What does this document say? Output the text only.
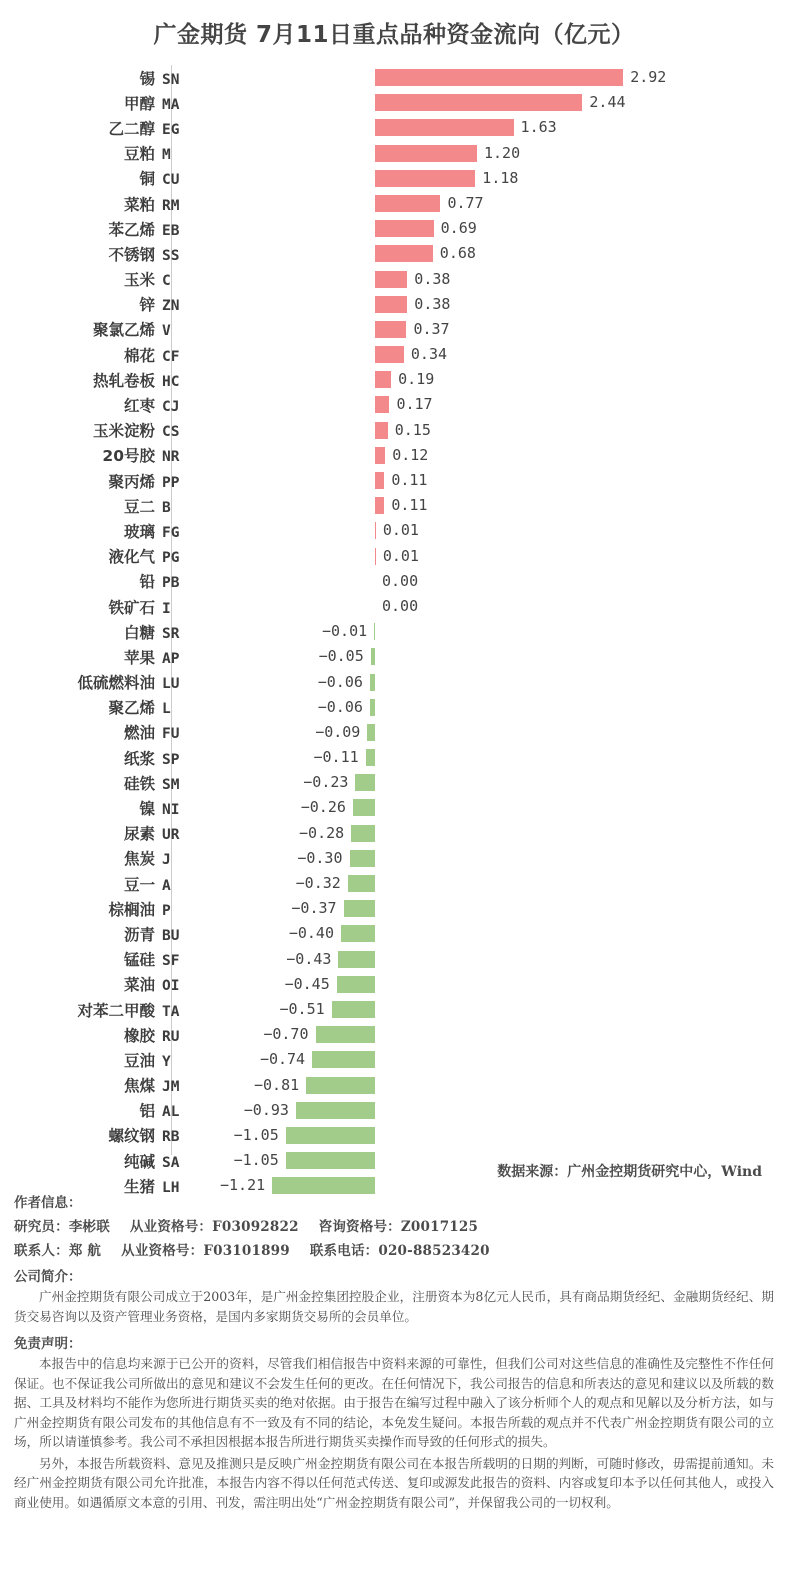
广金期货 7月11日重点品种资金流向（亿元）
锡 SN	2.92
甲醇 MA	2.44
乙二醇 EG	1.63
豆粕 M	1.20
铜 CU	1.18
菜粕 RM	0.77
苯乙烯 EB	0.69
不锈钢 SS	0.68
玉米 C	0.38
锌 ZN	0.38
聚氯乙烯 V	0.37
棉花 CF	0.34
热轧卷板 HC	0.19
红枣 CJ	0.17
玉米淀粉 CS	0.15
20号胶 NR	0.12
聚丙烯 PP	0.11
豆二 B	0.11
玻璃 FG	0.01
液化气 PG	0.01
铅 PB	0.00
铁矿石 I	0.00
白糖 SR	−0.01
苹果 AP	−0.05
低硫燃料油 LU	−0.06
聚乙烯 L	−0.06
燃油 FU	−0.09
纸浆 SP	−0.11
硅铁 SM	−0.23
镍 NI	−0.26
尿素 UR	−0.28
焦炭 J	−0.30
豆一 A	−0.32
棕榈油 P	−0.37
沥青 BU	−0.40
锰硅 SF	−0.43
菜油 OI	−0.45
对苯二甲酸 TA	−0.51
橡胶 RU	−0.70
豆油 Y	−0.74
焦煤 JM	−0.81
铝 AL	−0.93
螺纹钢 RB	−1.05
纯碱 SA	−1.05
生猪 LH	−1.21
数据来源：广州金控期货研究中心，Wind
作者信息：
研究员：李彬联 从业资格号：F03092822 咨询资格号：Z0017125
联系人：郑 航 从业资格号：F03101899 联系电话：020-88523420
公司简介：
广州金控期货有限公司成立于2003年，是广州金控集团控股企业，注册资本为8亿元人民币，具有商品期货经纪、金融期货经纪、期货交易咨询以及资产管理业务资格，是国内多家期货交易所的会员单位。
免责声明：
本报告中的信息均来源于已公开的资料，尽管我们相信报告中资料来源的可靠性，但我们公司对这些信息的准确性及完整性不作任何保证。也不保证我公司所做出的意见和建议不会发生任何的更改。在任何情况下，我公司报告的信息和所表达的意见和建议以及所载的数据、工具及材料均不能作为您所进行期货买卖的绝对依据。由于报告在编写过程中融入了该分析师个人的观点和见解以及分析方法，如与广州金控期货有限公司发布的其他信息有不一致及有不同的结论，本免发生疑问。本报告所载的观点并不代表广州金控期货有限公司的立场，所以请谨慎参考。我公司不承担因根据本报告所进行期货买卖操作而导致的任何形式的损失。
另外，本报告所载资料、意见及推测只是反映广州金控期货有限公司在本报告所载明的日期的判断，可随时修改，毋需提前通知。未经广州金控期货有限公司允许批准，本报告内容不得以任何范式传送、复印或源发此报告的资料、内容或复印本予以任何其他人，或投入商业使用。如遇循原文本意的引用、刊发，需注明出处“广州金控期货有限公司”，并保留我公司的一切权利。
